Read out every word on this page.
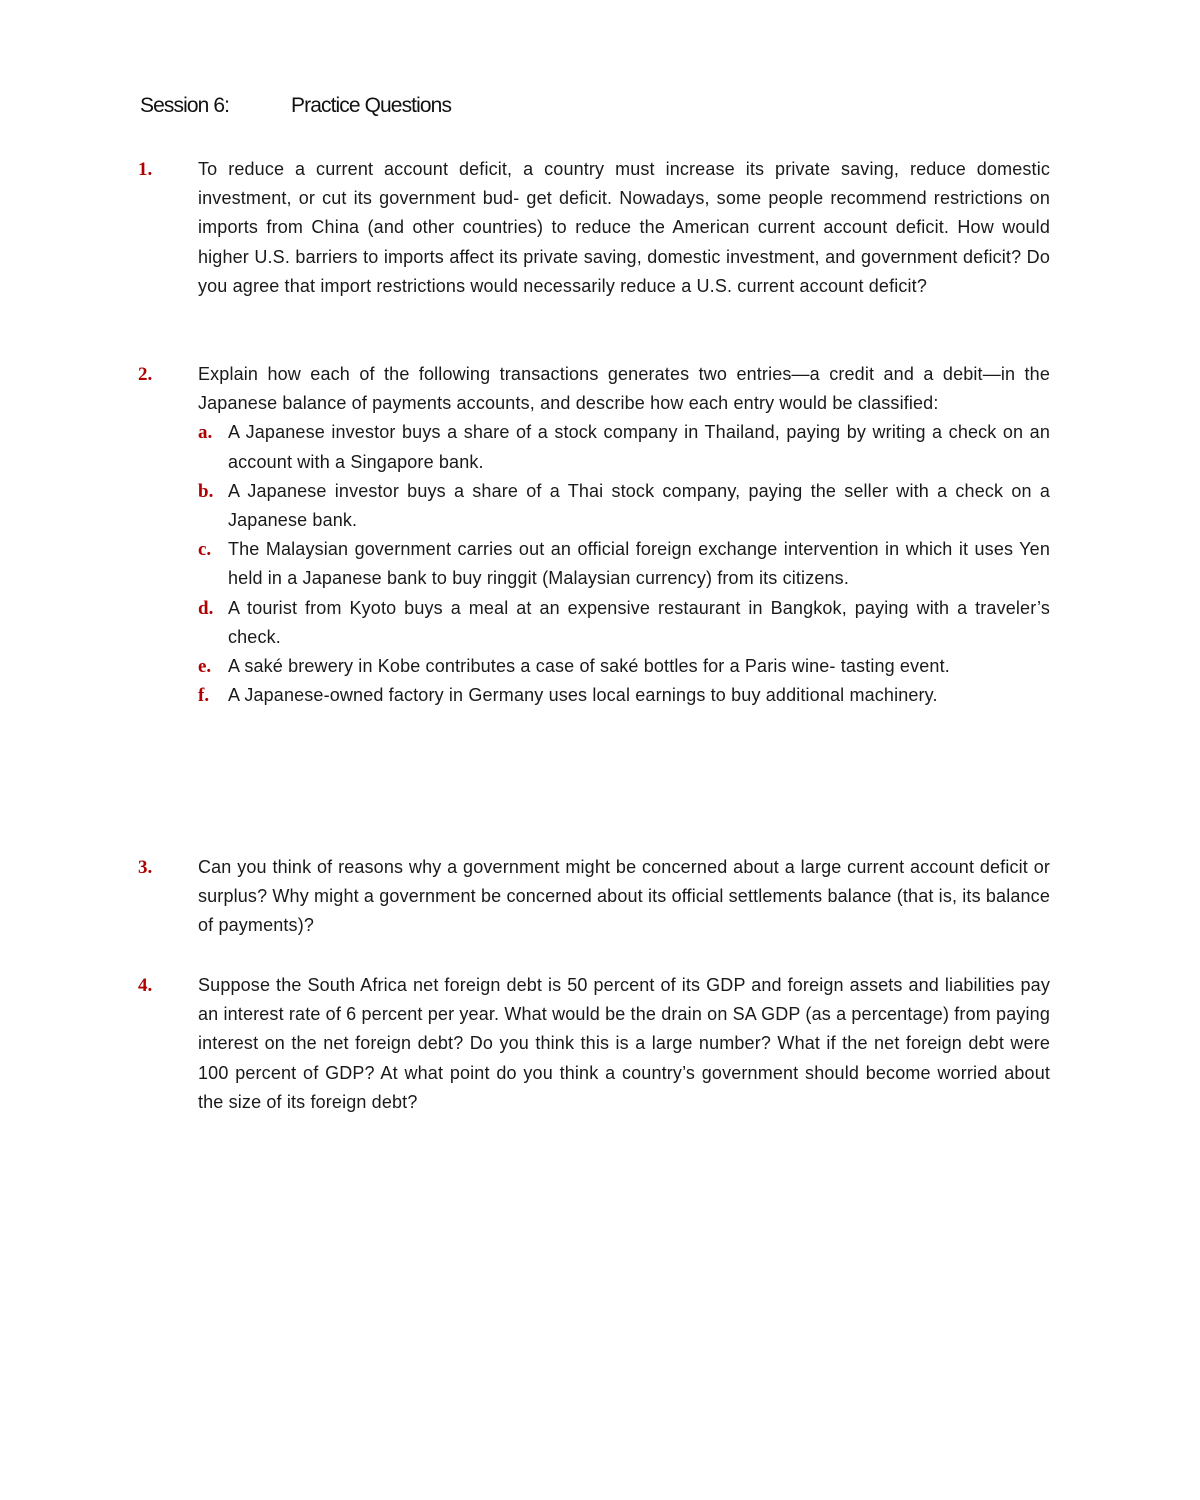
Session 6:	Practice Questions
1.	To reduce a current account deficit, a country must increase its private saving, reduce domestic investment, or cut its government bud- get deficit. Nowadays, some people recommend restrictions on imports from China (and other countries) to reduce the American current account deficit. How would higher U.S. barriers to imports affect its private saving, domestic investment, and government deficit? Do you agree that import restrictions would necessarily reduce a U.S. current account deficit?
2.	Explain how each of the following transactions generates two entries—a credit and a debit—in the Japanese balance of payments accounts, and describe how each entry would be classified:
a. A Japanese investor buys a share of a stock company in Thailand, paying by writing a check on an account with a Singapore bank.
b. A Japanese investor buys a share of a Thai stock company, paying the seller with a check on a Japanese bank.
c. The Malaysian government carries out an official foreign exchange intervention in which it uses Yen held in a Japanese bank to buy ringgit (Malaysian currency) from its citizens.
d. A tourist from Kyoto buys a meal at an expensive restaurant in Bangkok, paying with a traveler’s check.
e. A saké brewery in Kobe contributes a case of saké bottles for a Paris wine- tasting event.
f. A Japanese-owned factory in Germany uses local earnings to buy additional machinery.
3.	Can you think of reasons why a government might be concerned about a large current account deficit or surplus? Why might a government be concerned about its official settlements balance (that is, its balance of payments)?
4.	Suppose the South Africa net foreign debt is 50 percent of its GDP and foreign assets and liabilities pay an interest rate of 6 percent per year. What would be the drain on SA GDP (as a percentage) from paying interest on the net foreign debt? Do you think this is a large number? What if the net foreign debt were 100 percent of GDP? At what point do you think a country’s government should become worried about the size of its foreign debt?
